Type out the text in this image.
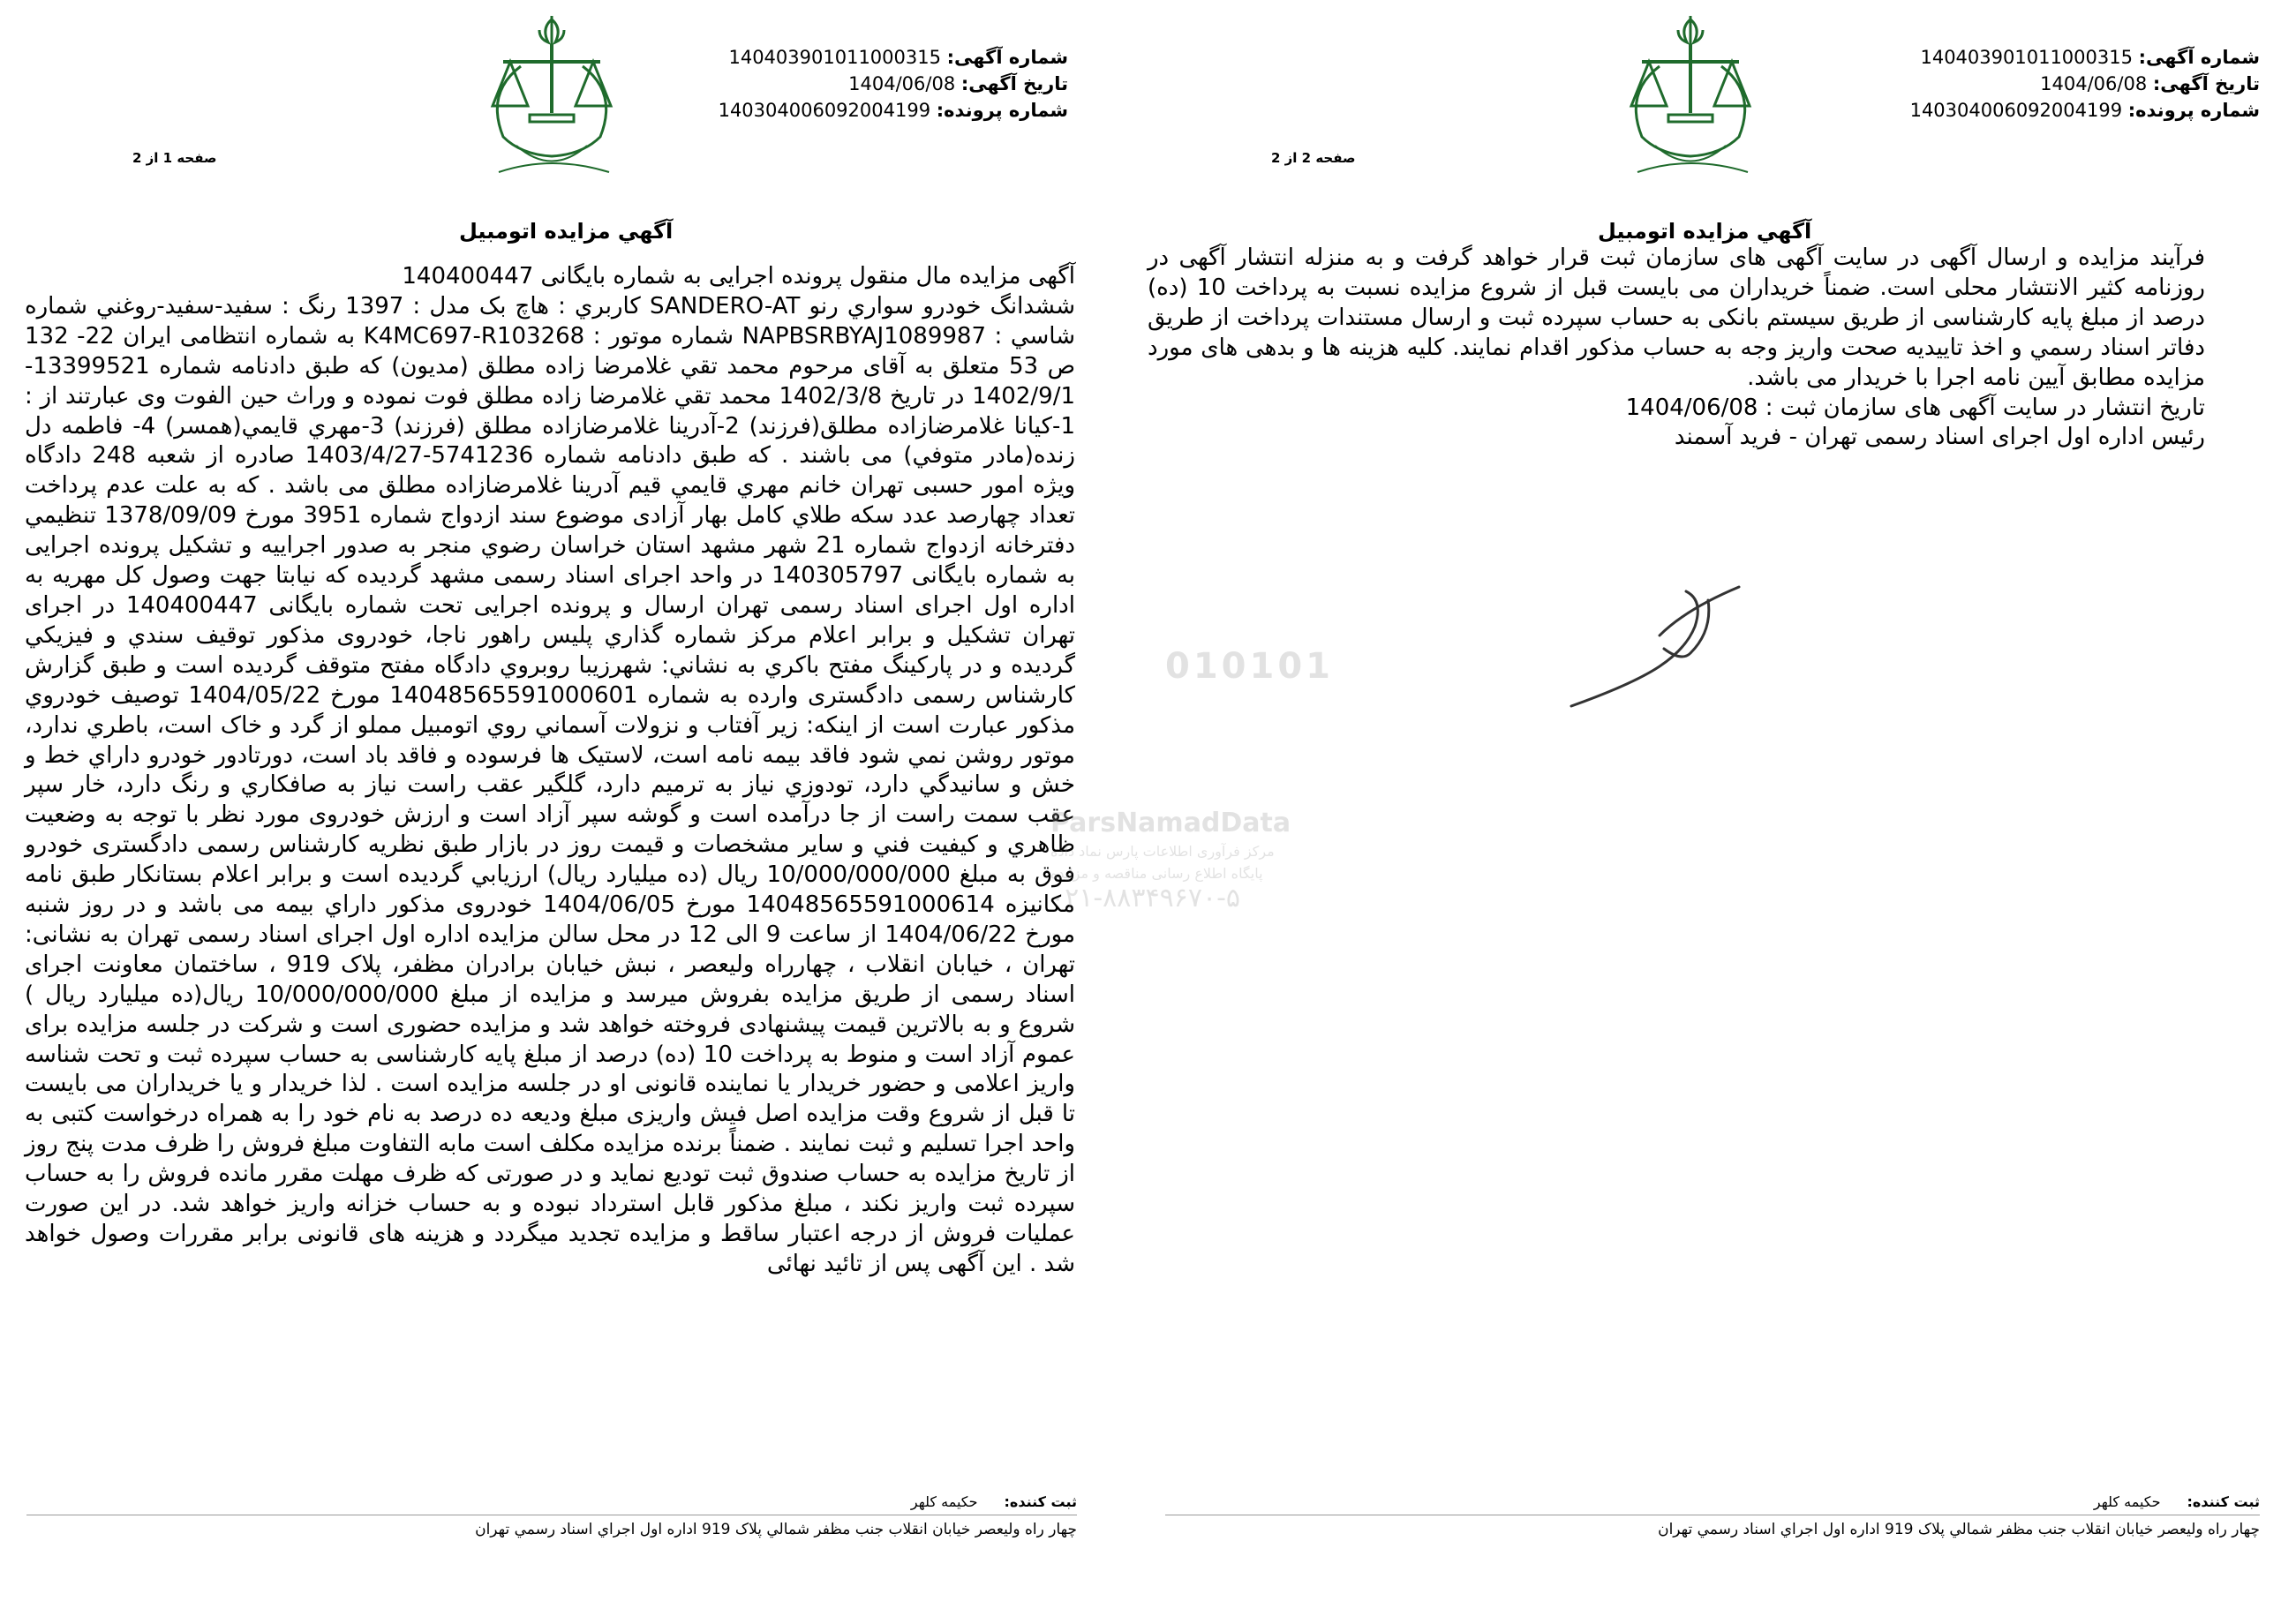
شماره آگهی: 140403901011000315
تاریخ آگهی: 1404/06/08
شماره پرونده: 140304006092004199
صفحه 1 از 2
آگهي مزايده اتومبيل

آگهی مزایده مال منقول پرونده اجرایی به شماره بایگانی 140400447

ششدانگ خودرو سواري رنو SANDERO-AT کاربري : هاچ بک مدل : 1397 رنگ : سفيد-سفيد-روغني شماره شاسي : NAPBSRBYAJ1089987 شماره موتور : K4MC697-R103268 به شماره انتظامی ایران 22- 132 ص 53 متعلق به آقای مرحوم محمد تقي غلامرضا زاده مطلق (مدیون) که طبق دادنامه شماره 13399521-1402/9/1 در تاریخ 1402/3/8 محمد تقي غلامرضا زاده مطلق فوت نموده و وراث حین الفوت وی عبارتند از : 1-کيانا غلامرضازاده مطلق(فرزند) 2-آدرينا غلامرضازاده مطلق (فرزند) 3-مهري قايمي(همسر) 4- فاطمه دل زنده(مادر متوفي) می باشند . که طبق دادنامه شماره 5741236-1403/4/27 صادره از شعبه 248 دادگاه ويژه امور حسبی تهران خانم مهري قايمي قيم آدرينا غلامرضازاده مطلق می باشد . که به علت عدم پرداخت تعداد چهارصد عدد سکه طلاي کامل بهار آزادی موضوع سند ازدواج شماره 3951 مورخ 1378/09/09 تنظيمي دفترخانه ازدواج شماره 21 شهر مشهد استان خراسان رضوي منجر به صدور اجراییه و تشکیل پرونده اجرایی به شماره بایگانی 140305797 در واحد اجرای اسناد رسمی مشهد گرديده که نیابتا جهت وصول کل مهريه به اداره اول اجرای اسناد رسمی تهران ارسال و پرونده اجرايی تحت شماره بايگانی 140400447 در اجرای تهران تشکيل و برابر اعلام مرکز شماره گذاري پليس راهور ناجا، خودروی مذکور توقیف سندي و فيزيکي گرديده و در پارکينگ مفتح باکري به نشاني: شهرزيبا روبروي دادگاه مفتح متوقف گرديده است و طبق گزارش کارشناس رسمی دادگستری وارده به شماره 14048565591000601 مورخ 1404/05/22 توصيف خودروي مذکور عبارت است از اینکه: زير آفتاب و نزولات آسماني روي اتومبيل مملو از گرد و خاک است، باطري ندارد، موتور روشن نمي شود فاقد بيمه نامه است، لاستيک ها فرسوده و فاقد باد است، دورتادور خودرو داراي خط و خش و سانيدگي دارد، تودوزي نياز به ترميم دارد، گلگير عقب راست نياز به صافکاري و رنگ دارد، خار سپر عقب سمت راست از جا درآمده است و گوشه سپر آزاد است و ارزش خودروی مورد نظر با توجه به وضعيت ظاهري و کيفيت فني و ساير مشخصات و قيمت روز در بازار طبق نظريه کارشناس رسمی دادگستری خودرو فوق به مبلغ 10/000/000/000 ریال (ده میلیارد ریال) ارزيابي گرديده است و برابر اعلام بستانکار طبق نامه مکانيزه 14048565591000614 مورخ 1404/06/05 خودروی مذکور داراي بيمه می باشد و در روز شنبه مورخ 1404/06/22 از ساعت 9 الی 12 در محل سالن مزایده اداره اول اجرای اسناد رسمی تهران به نشانی: تهران ، خیابان انقلاب ، چهارراه ولیعصر ، نبش خیابان برادران مظفر، پلاک 919 ، ساختمان معاونت اجرای اسناد رسمی از طریق مزایده بفروش میرسد و مزایده از مبلغ 10/000/000/000 ریال(ده میلیارد ریال ) شروع و به بالاترین قیمت پیشنهادی فروخته خواهد شد و مزایده حضوری است و شرکت در جلسه مزایده برای عموم آزاد است و منوط به پرداخت 10 (ده) درصد از مبلغ پایه کارشناسی به حساب سپرده ثبت و تحت شناسه واریز اعلامی و حضور خریدار یا نماینده قانونی او در جلسه مزایده است . لذا خريدار و يا خريداران می بایست تا قبل از شروع وقت مزایده اصل فیش واریزی مبلغ وديعه ده درصد به نام خود را به همراه درخواست کتبی به واحد اجرا تسليم و ثبت نمايند . ضمناً برنده مزايده مکلف است مابه التفاوت مبلغ فروش را ظرف مدت پنج روز از تاريخ مزايده به حساب صندوق ثبت توديع نمايد و در صورتی که ظرف مهلت مقرر مانده فروش را به حساب سپرده ثبت واريز نکند ، مبلغ مذکور قابل استرداد نبوده و به حساب خزانه واريز خواهد شد. در اين صورت عمليات فروش از درجه اعتبار ساقط و مزايده تجديد ميگردد و هزينه های قانونی برابر مقررات وصول خواهد شد . اين آگهی پس از تائيد نهائی

ثبت کننده:حکیمه کلهر
چهار راه وليعصر خيابان انقلاب جنب مظفر شمالي پلاک 919 اداره اول اجراي اسناد رسمي تهران
شماره آگهی: 140403901011000315
تاریخ آگهی: 1404/06/08
شماره پرونده: 140304006092004199
صفحه 2 از 2
آگهي مزايده اتومبيل

فرآیند مزایده و ارسال آگهی در سایت آگهی های سازمان ثبت قرار خواهد گرفت و به منزله انتشار آگهی در روزنامه کثير الانتشار محلی است. ضمناً خریداران می بایست قبل از شروع مزایده نسبت به پرداخت 10 (ده) درصد از مبلغ پایه کارشناسی از طریق سیستم بانکی به حساب سپرده ثبت و ارسال مستندات پرداخت از طریق دفاتر اسناد رسمي و اخذ تاییدیه صحت واریز وجه به حساب مذکور اقدام نمایند. کلیه هزینه ها و بدهی های مورد مزایده مطابق آیین نامه اجرا با خریدار می باشد.

تاریخ انتشار در سایت آگهی های سازمان ثبت : 1404/06/08

رئیس اداره اول اجرای اسناد رسمی تهران - فرید آسمند

ثبت کننده:حکیمه کلهر
چهار راه وليعصر خيابان انقلاب جنب مظفر شمالي پلاک 919 اداره اول اجراي اسناد رسمي تهران
010101
ParsNamadData
مرکز فرآوری اطلاعات پارس نماد داده
پایگاه اطلاع رسانی مناقصه و مزایده
۰۲۱-۸۸۳۴۹۶۷۰-۵
